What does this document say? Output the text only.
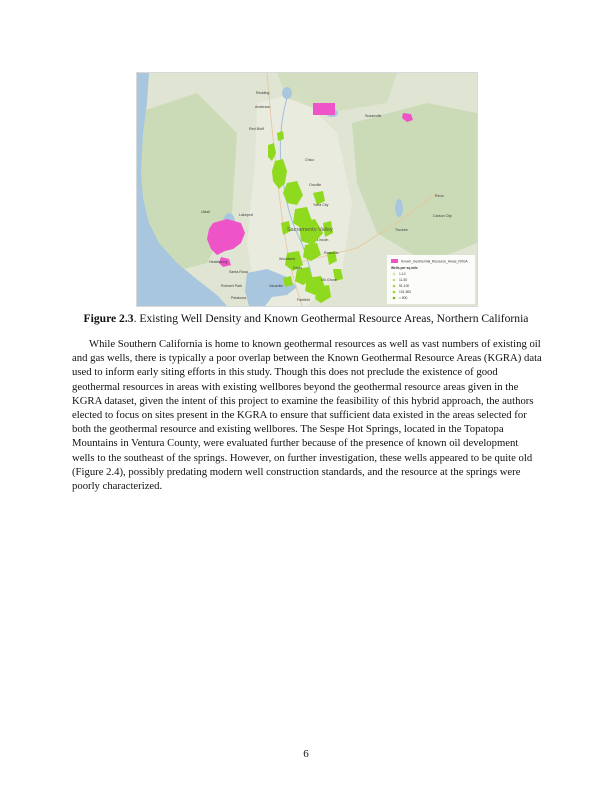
Redding
Anderson
Red Bluff
Chico
Oroville
Yuba City
Woodland
Davis
Fairfield
Santa Rosa
Healdsburg
Ukiah
Lakeport
Lincoln
Roseville
Vacaville
Elk Grove
Susanville
Truckee
Reno
Carson City
Petaluma
Rohnert Park
Sacramento Valley
Known_Geothermal_Resource_Areas_KRGA
Wells per sq mile
1-10
11-50
51-100
101-500
> 500
Figure 2.3. Existing Well Density and Known Geothermal Resource Areas, Northern California

While Southern California is home to known geothermal resources as well as vast numbers of existing oil and gas wells, there is typically a poor overlap between the Known Geothermal Resource Areas (KGRA) data used to inform early siting efforts in this study. Though this does not preclude the existence of good geothermal resources in areas with existing wellbores beyond the geothermal resource areas given in the KGRA dataset, given the intent of this project to examine the feasibility of this hybrid approach, the authors elected to focus on sites present in the KGRA to ensure that sufficient data existed in the areas selected for both the geothermal resource and existing wellbores. The Sespe Hot Springs, located in the Topatopa Mountains in Ventura County, were evaluated further because of the presence of known oil development wells to the southeast of the springs. However, on further investigation, these wells appeared to be quite old (Figure 2.4), possibly predating modern well construction standards, and the resource at the springs were poorly characterized.

6
